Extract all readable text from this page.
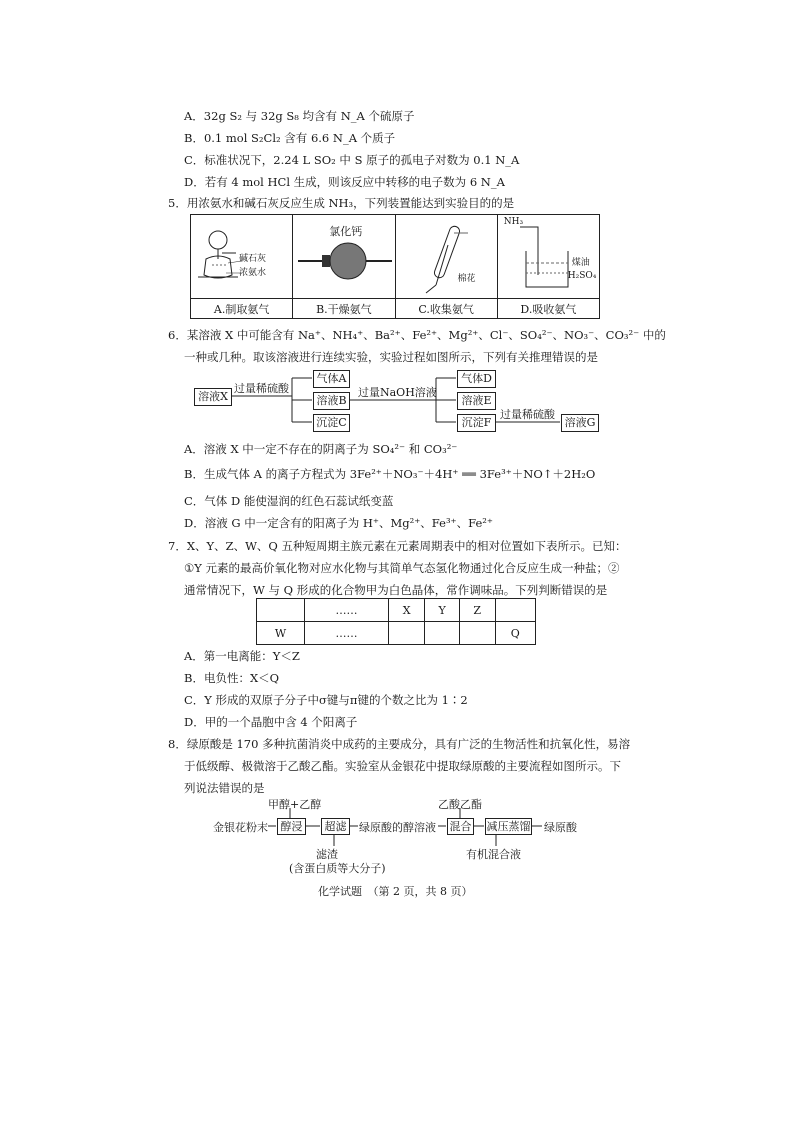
A．32g S₂ 与 32g S₈ 均含有 N_A 个硫原子
B．0.1 mol S₂Cl₂ 含有 6.6 N_A 个质子
C．标准状况下，2.24 L SO₂ 中 S 原子的孤电子对数为 0.1 N_A
D．若有 4 mol HCl 生成，则该反应中转移的电子数为 6 N_A
5．用浓氨水和碱石灰反应生成 NH₃，下列装置能达到实验目的的是
碱石灰
浓氨水	氯化钙	棉花	NH₃
煤油
H₂SO₄

A.制取氨气	B.干燥氨气	C.收集氨气	D.吸收氨气
6．某溶液 X 中可能含有 Na⁺、NH₄⁺、Ba²⁺、Fe²⁺、Mg²⁺、Cl⁻、SO₄²⁻、NO₃⁻、CO₃²⁻ 中的
一种或几种。取该溶液进行连续实验，实验过程如图所示，下列有关推理错误的是
溶液X
过量稀硫酸
气体A
溶液B
沉淀C
过量NaOH溶液
气体D
溶液E
沉淀F
过量稀硫酸
溶液G
A．溶液 X 中一定不存在的阴离子为 SO₄²⁻ 和 CO₃²⁻
B．生成气体 A 的离子方程式为 3Fe²⁺＋NO₃⁻＋4H⁺ ══ 3Fe³⁺＋NO↑＋2H₂O
C．气体 D 能使湿润的红色石蕊试纸变蓝
D．溶液 G 中一定含有的阳离子为 H⁺、Mg²⁺、Fe³⁺、Fe²⁺
7．X、Y、Z、W、Q 五种短周期主族元素在元素周期表中的相对位置如下表所示。已知：
①Y 元素的最高价氧化物对应水化物与其简单气态氢化物通过化合反应生成一种盐；②
通常情况下，W 与 Q 形成的化合物甲为白色晶体，常作调味品。下列判断错误的是
	……	X	Y	Z	
W	……				Q
A．第一电离能：Y＜Z
B．电负性：X＜Q
C．Y 形成的双原子分子中σ键与π键的个数之比为 1∶2
D．甲的一个晶胞中含 4 个阳离子
8．绿原酸是 170 多种抗菌消炎中成药的主要成分，具有广泛的生物活性和抗氧化性，易溶
于低级醇、极微溶于乙酸乙酯。实验室从金银花中提取绿原酸的主要流程如图所示。下
列说法错误的是
甲醇+乙醇
金银花粉末	醇浸	超滤	绿原酸的醇溶液
乙酸乙酯
混合 减压蒸馏 绿原酸
滤渣
(含蛋白质等大分子)
有机混合液
化学试题　（第 2 页，共 8 页）
